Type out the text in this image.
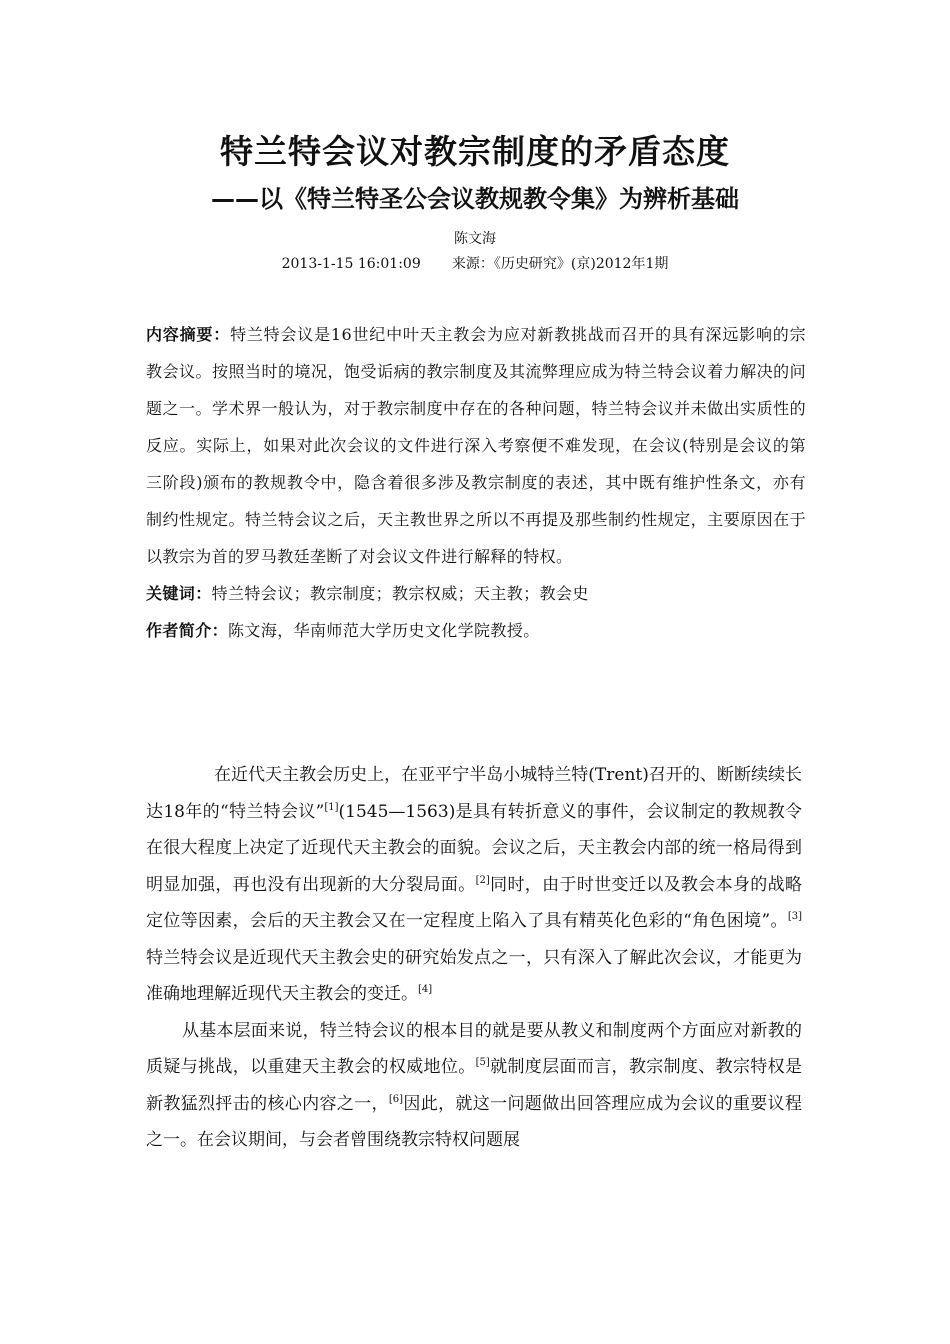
特兰特会议对教宗制度的矛盾态度
——以《特兰特圣公会议教规教令集》为辨析基础
陈文海
2013-1-15 16:01:09 来源：《历史研究》(京)2012年1期

内容摘要：特兰特会议是16世纪中叶天主教会为应对新教挑战而召开的具有深远影响的宗教会议。按照当时的境况，饱受诟病的教宗制度及其流弊理应成为特兰特会议着力解决的问题之一。学术界一般认为，对于教宗制度中存在的各种问题，特兰特会议并未做出实质性的反应。实际上，如果对此次会议的文件进行深入考察便不难发现，在会议(特别是会议的第三阶段)颁布的教规教令中，隐含着很多涉及教宗制度的表述，其中既有维护性条文，亦有制约性规定。特兰特会议之后，天主教世界之所以不再提及那些制约性规定，主要原因在于以教宗为首的罗马教廷垄断了对会议文件进行解释的特权。

关键词：特兰特会议；教宗制度；教宗权威；天主教；教会史

作者简介：陈文海，华南师范大学历史文化学院教授。

在近代天主教会历史上，在亚平宁半岛小城特兰特(Trent)召开的、断断续续长达18年的“特兰特会议”[1](1545—1563)是具有转折意义的事件，会议制定的教规教令在很大程度上决定了近现代天主教会的面貌。会议之后，天主教会内部的统一格局得到明显加强，再也没有出现新的大分裂局面。[2]同时，由于时世变迁以及教会本身的战略定位等因素，会后的天主教会又在一定程度上陷入了具有精英化色彩的“角色困境”。[3]特兰特会议是近现代天主教会史的研究始发点之一，只有深入了解此次会议，才能更为准确地理解近现代天主教会的变迁。[4]

从基本层面来说，特兰特会议的根本目的就是要从教义和制度两个方面应对新教的质疑与挑战，以重建天主教会的权威地位。[5]就制度层面而言，教宗制度、教宗特权是新教猛烈抨击的核心内容之一，[6]因此，就这一问题做出回答理应成为会议的重要议程之一。在会议期间，与会者曾围绕教宗特权问题展
